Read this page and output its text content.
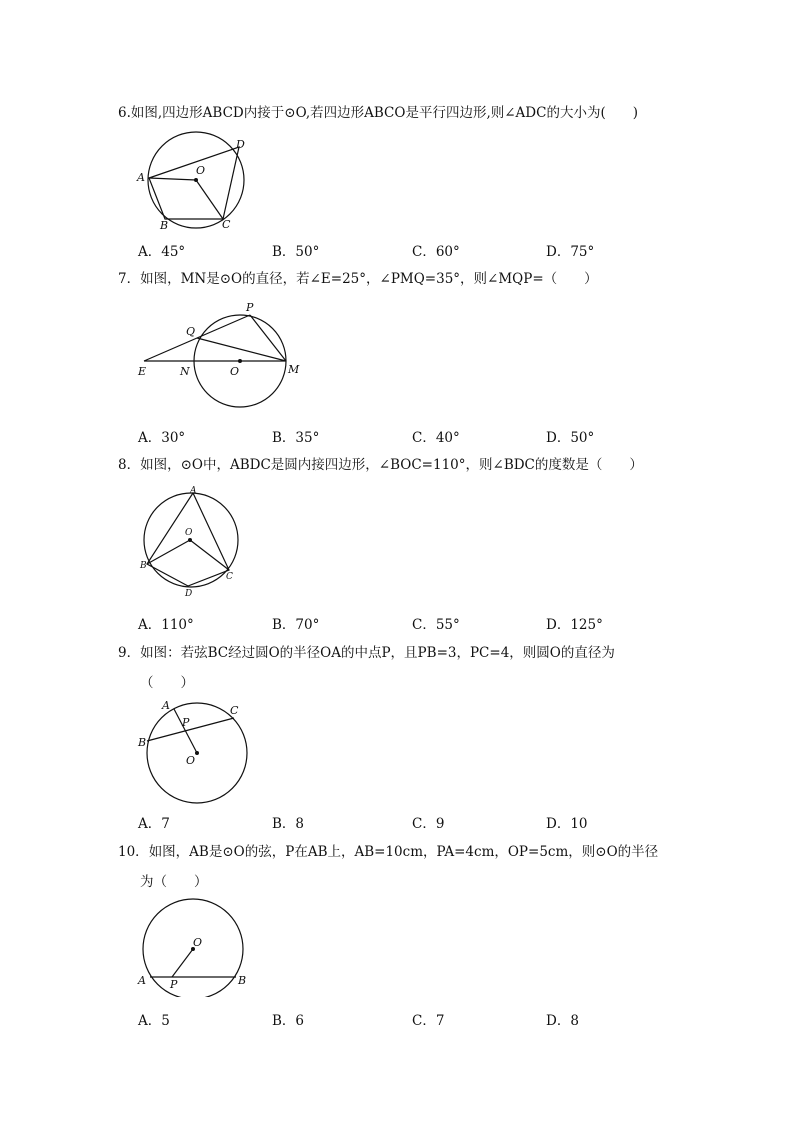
6.如图,四边形ABCD内接于⊙O,若四边形ABCO是平行四边形,则∠ADC的大小为(　　)
A
B	C
D
O
A．45°	B．50°	C．60°	D．75°
7．如图，MN是⊙O的直径，若∠E=25°，∠PMQ=35°，则∠MQP=（　　）
P
Q
E	N	O	M
A．30°	B．35°	C．40°	D．50°
8．如图，⊙O中，ABDC是圆内接四边形，∠BOC=110°，则∠BDC的度数是（　　）
A
O
B
C
D
A．110°	B．70°	C．55°	D．125°
9．如图：若弦BC经过圆O的半径OA的中点P，且PB=3，PC=4，则圆O的直径为
（　　）
A	C
P
B
O
A．7	B．8	C．9	D．10
10．如图，AB是⊙O的弦，P在AB上，AB=10cm，PA=4cm，OP=5cm，则⊙O的半径
为（　　）
O
A P	B
A．5	B．6	C．7	D．8
